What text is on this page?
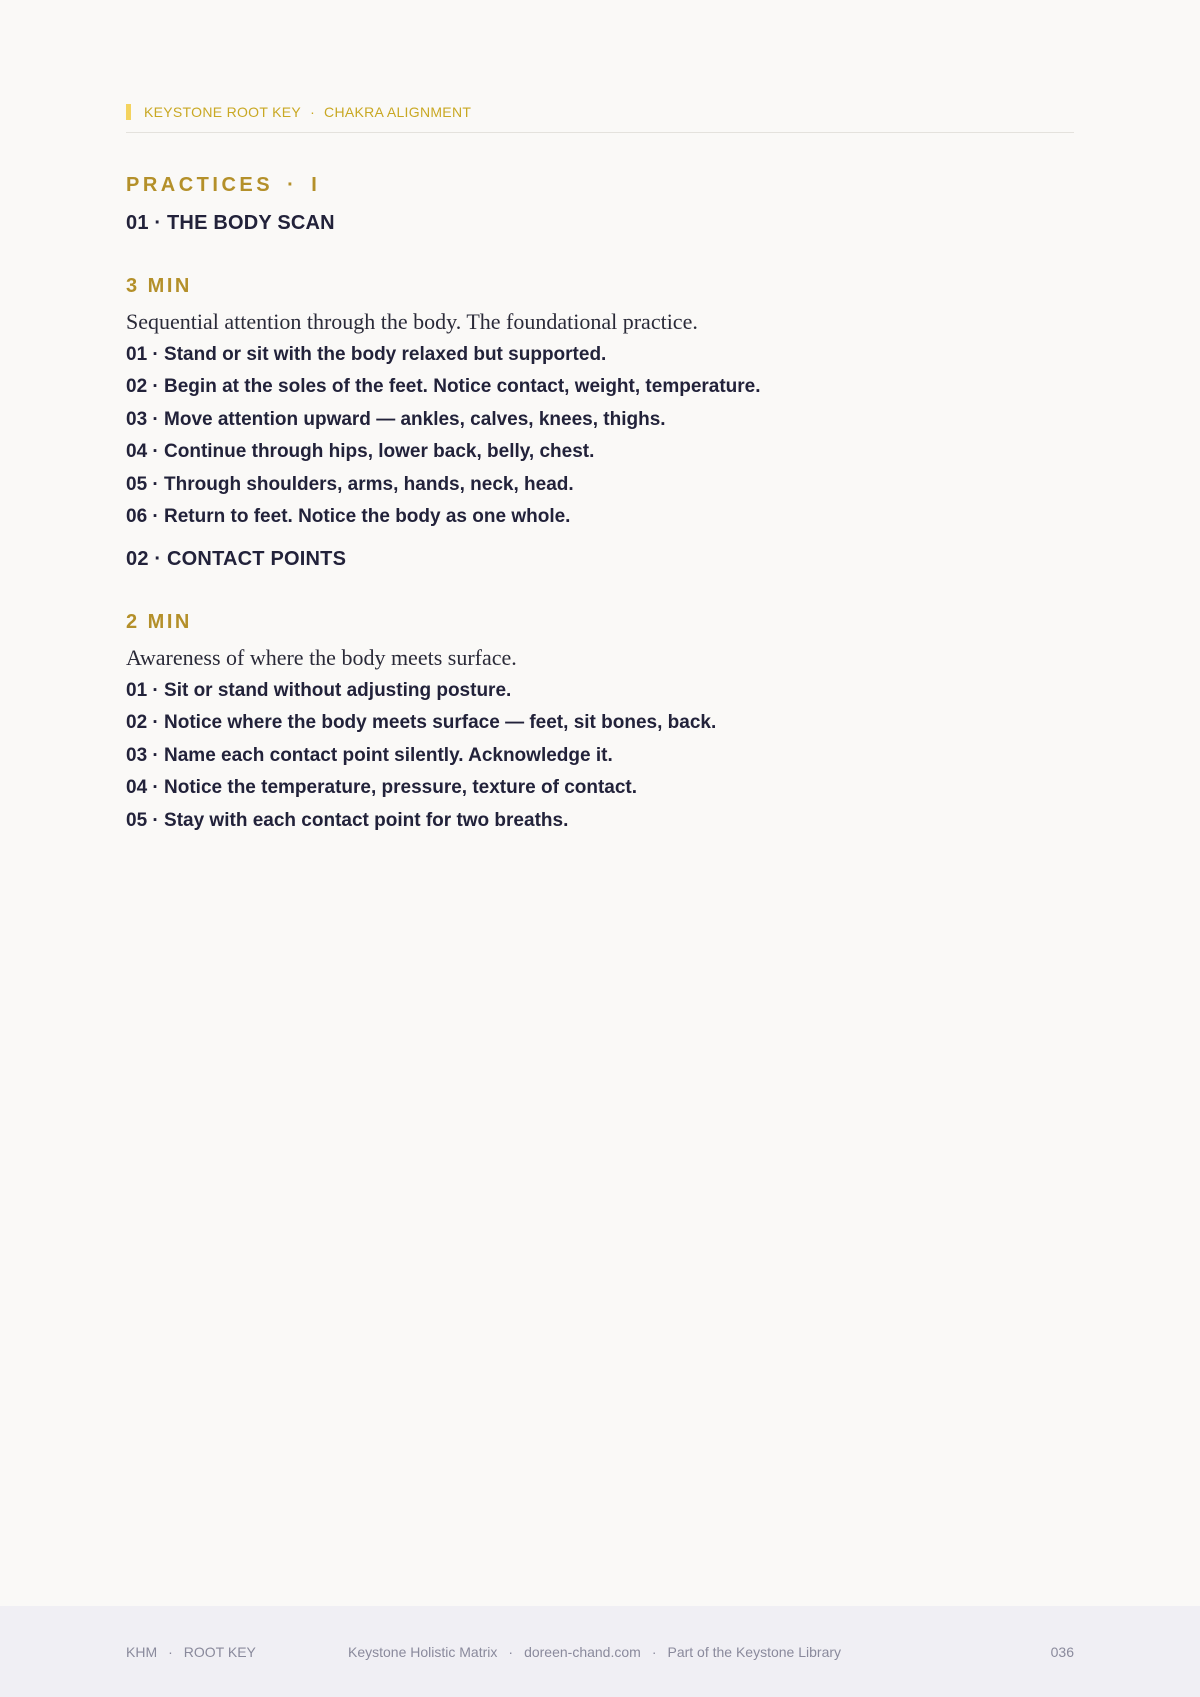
KEYSTONE ROOT KEY · CHAKRA ALIGNMENT
PRACTICES · I
01 · THE BODY SCAN
3 MIN
Sequential attention through the body. The foundational practice.
01 · Stand or sit with the body relaxed but supported.
02 · Begin at the soles of the feet. Notice contact, weight, temperature.
03 · Move attention upward — ankles, calves, knees, thighs.
04 · Continue through hips, lower back, belly, chest.
05 · Through shoulders, arms, hands, neck, head.
06 · Return to feet. Notice the body as one whole.
02 · CONTACT POINTS
2 MIN
Awareness of where the body meets surface.
01 · Sit or stand without adjusting posture.
02 · Notice where the body meets surface — feet, sit bones, back.
03 · Name each contact point silently. Acknowledge it.
04 · Notice the temperature, pressure, texture of contact.
05 · Stay with each contact point for two breaths.
KHM · ROOT KEY	Keystone Holistic Matrix · doreen-chand.com · Part of the Keystone Library	036
